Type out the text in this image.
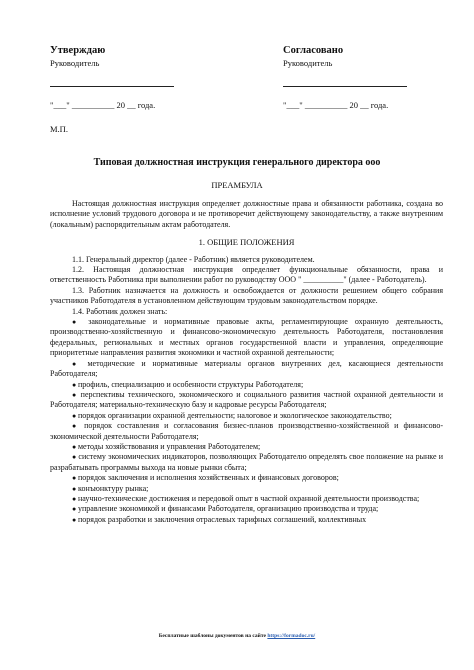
Утверждаю
Руководитель
"___" __________ 20 __ года.
Согласовано
Руководитель
"___" __________ 20 __ года.
М.П.
Типовая должностная инструкция генерального директора ооо
ПРЕАМБУЛА

Настоящая должностная инструкция определяет должностные права и обязанности работника, созданa во исполнение условий трудового договора и не противоречит действующему законодательству, а также внутренним (локальным) распорядительным актам работодателя.

1. ОБЩИЕ ПОЛОЖЕНИЯ

1.1. Генеральный директор (далее - Работник) является руководителем.

1.2. Настоящая должностная инструкция определяет функциональные обязанности, права и ответственность Работника при выполнении работ по руководству ООО " __________" (далее - Работодатель).

1.3. Работник назначается на должность и освобождается от должности решением общего собрания участников Работодателя в установленном действующим трудовым законодательством порядке.

1.4. Работник должен знать:

● законодательные и нормативные правовые акты, регламентирующие охранную деятельность, производственно-хозяйственную и финансово-экономическую деятельность Работодателя, постановления федеральных, региональных и местных органов государственной власти и управления, определяющие приоритетные направления развития экономики и частной охранной деятельности;

● методические и нормативные материалы органов внутренних дел, касающиеся деятельности Работодателя;

● профиль, специализацию и особенности структуры Работодателя;

● перспективы технического, экономического и социального развития частной охранной деятельности и Работодателя; материально-техническую базу и кадровые ресурсы Работодателя;

● порядок организации охранной деятельности; налоговое и экологическое законодательство;

● порядок составления и согласования бизнес-планов производственно-хозяйственной и финансово-экономической деятельности Работодателя;

● методы хозяйствования и управления Работодателем;

● систему экономических индикаторов, позволяющих Работодателю определять свое положение на рынке и разрабатывать программы выхода на новые рынки сбыта;

● порядок заключения и исполнения хозяйственных и финансовых договоров;

● конъюнктуру рынка;

● научно-технические достижения и передовой опыт в частной охранной деятельности производства;

● управление экономикой и финансами Работодателя, организацию производства и труда;

● порядок разработки и заключения отраслевых тарифных соглашений, коллективных

Бесплатные шаблоны документов на сайте https://formadoc.ru/
